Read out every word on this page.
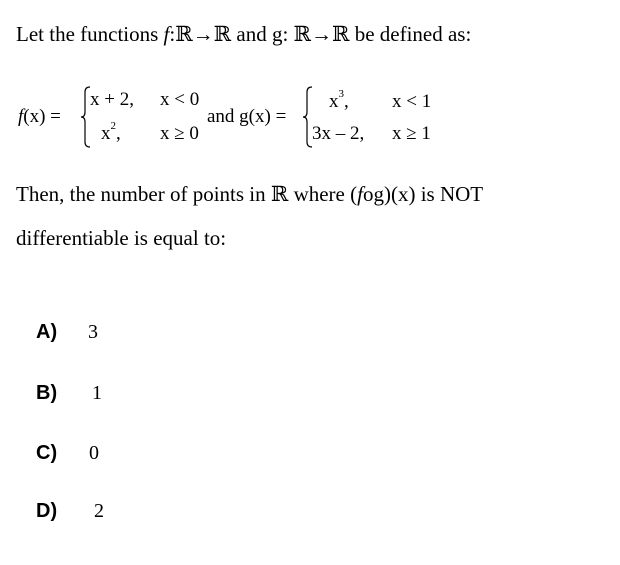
Let the functions f:ℝ→ℝ and g: ℝ→ℝ be defined as:
f(x) =
x + 2, x < 0
$x^2$, x ≥ 0
and g(x) =
$x^3$, x < 1
3x – 2, x ≥ 1
Then, the number of points in ℝ where (fog)(x) is NOT
differentiable is equal to:
A)	3
B)	1
C)	0
D)	2
